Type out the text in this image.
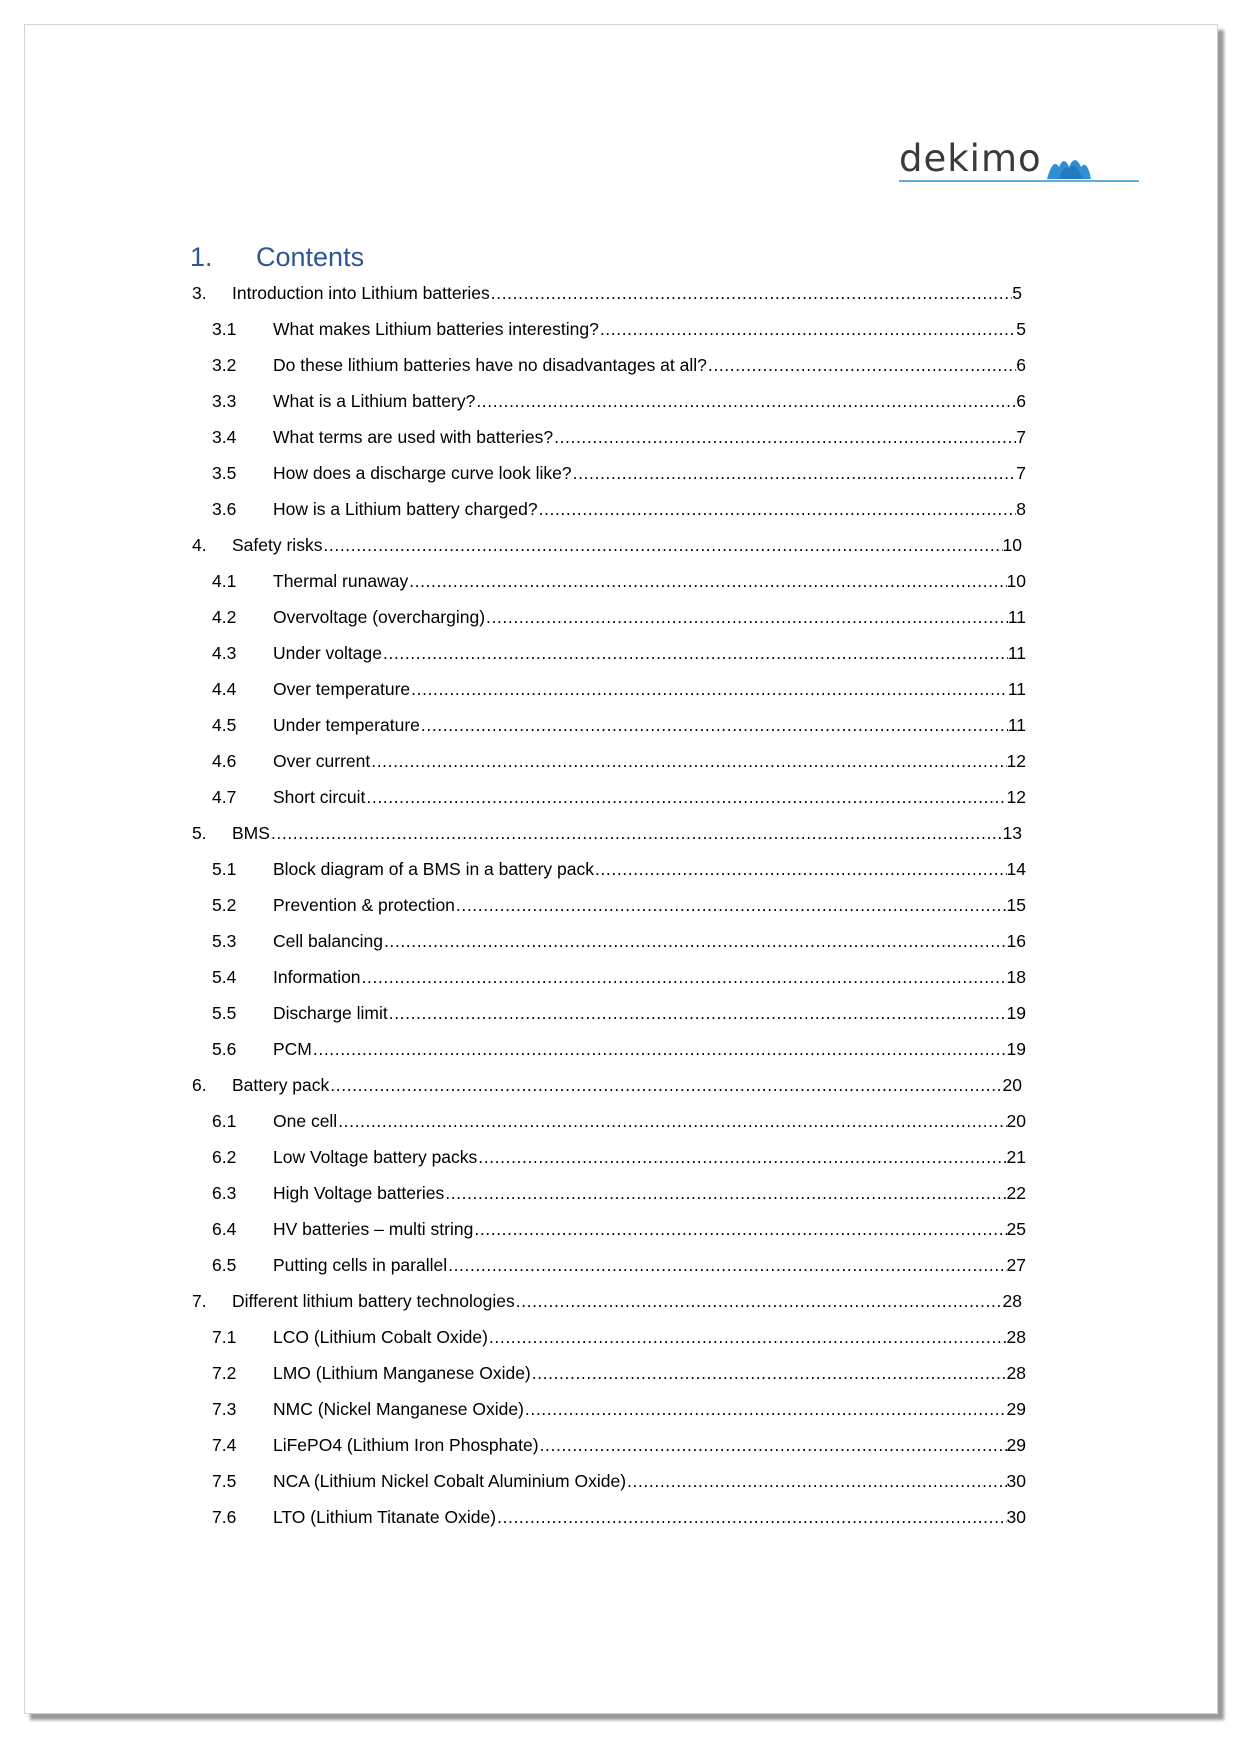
dekimo
1. Contents
3.	Introduction into Lithium batteries .....	5
3.1	What makes Lithium batteries interesting? .....	5
3.2	Do these lithium batteries have no disadvantages at all? .....	6
3.3	What is a Lithium battery? .....	6
3.4	What terms are used with batteries? .....	7
3.5	How does a discharge curve look like? .....	7
3.6	How is a Lithium battery charged? .....	8
4.	Safety risks .....	10
4.1	Thermal runaway .....	10
4.2	Overvoltage (overcharging) .....	11
4.3	Under voltage .....	11
4.4	Over temperature .....	11
4.5	Under temperature .....	11
4.6	Over current .....	12
4.7	Short circuit .....	12
5.	BMS .....	13
5.1	Block diagram of a BMS in a battery pack .....	14
5.2	Prevention & protection .....	15
5.3	Cell balancing .....	16
5.4	Information .....	18
5.5	Discharge limit .....	19
5.6	PCM .....	19
6.	Battery pack .....	20
6.1	One cell .....	20
6.2	Low Voltage battery packs .....	21
6.3	High Voltage batteries .....	22
6.4	HV batteries – multi string .....	25
6.5	Putting cells in parallel .....	27
7.	Different lithium battery technologies .....	28
7.1	LCO (Lithium Cobalt Oxide) .....	28
7.2	LMO (Lithium Manganese Oxide) .....	28
7.3	NMC (Nickel Manganese Oxide) .....	29
7.4	LiFePO4 (Lithium Iron Phosphate) .....	29
7.5	NCA (Lithium Nickel Cobalt Aluminium Oxide) .....	30
7.6	LTO (Lithium Titanate Oxide) .....	30
